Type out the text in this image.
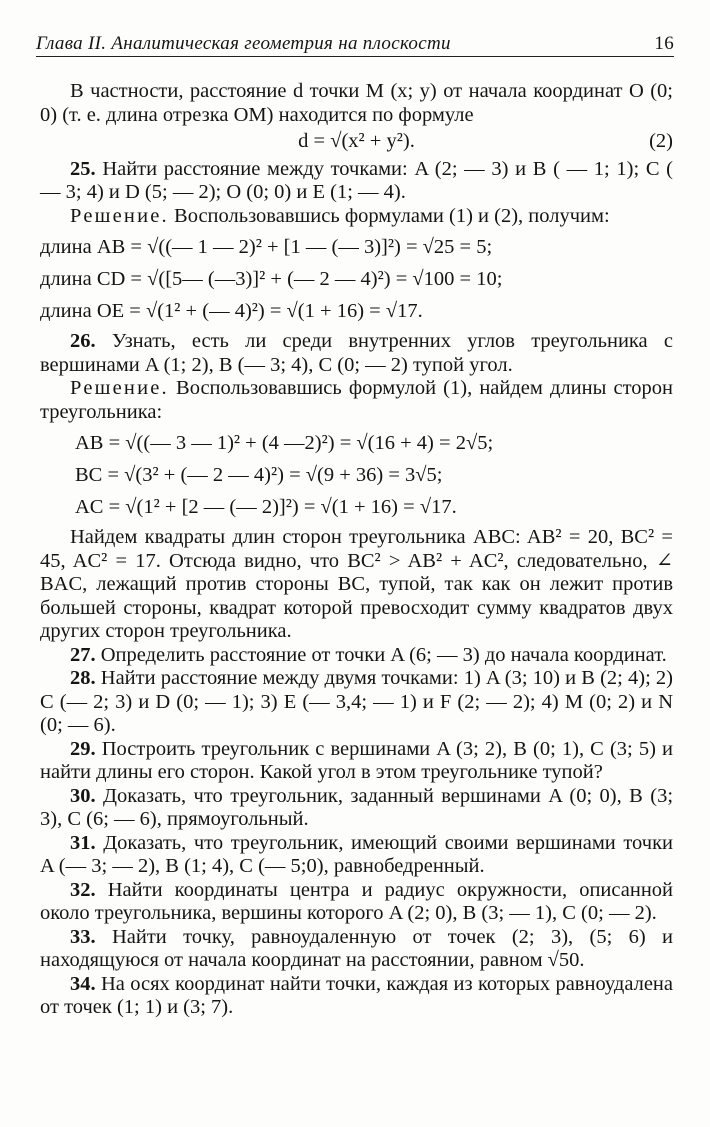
Глава II. Аналитическая геометрия на плоскости	16

В частности, расстояние d точки M (x; y) от начала координат O (0; 0) (т. е. длина отрезка OM) находится по формуле

d = √(x² + y²).	(2)

25. Найти расстояние между точками: A (2; — 3) и B ( — 1; 1); C ( — 3; 4) и D (5; — 2); O (0; 0) и E (1; — 4).

Решение. Воспользовавшись формулами (1) и (2), получим:

длина AB = √((— 1 — 2)² + [1 — (— 3)]²) = √25 = 5;

длина CD = √([5— (—3)]² + (— 2 — 4)²) = √100 = 10;

длина OE = √(1² + (— 4)²) = √(1 + 16) = √17.

26. Узнать, есть ли среди внутренних углов треугольника с вершинами A (1; 2), B (— 3; 4), C (0; — 2) тупой угол.

Решение. Воспользовавшись формулой (1), найдем длины сторон треугольника:

AB = √((— 3 — 1)² + (4 —2)²) = √(16 + 4) = 2√5;

BC = √(3² + (— 2 — 4)²) = √(9 + 36) = 3√5;

AC = √(1² + [2 — (— 2)]²) = √(1 + 16) = √17.

Найдем квадраты длин сторон треугольника ABC: AB² = 20, BC² = 45, AC² = 17. Отсюда видно, что BC² > AB² + AC², следовательно, ∠ BAC, лежащий против стороны BC, тупой, так как он лежит против большей стороны, квадрат которой превосходит сумму квадратов двух других сторон треугольника.

27. Определить расстояние от точки A (6; — 3) до начала координат.

28. Найти расстояние между двумя точками: 1) A (3; 10) и B (2; 4); 2) C (— 2; 3) и D (0; — 1); 3) E (— 3,4; — 1) и F (2; — 2); 4) M (0; 2) и N (0; — 6).

29. Построить треугольник с вершинами A (3; 2), B (0; 1), C (3; 5) и найти длины его сторон. Какой угол в этом треугольнике тупой?

30. Доказать, что треугольник, заданный вершинами A (0; 0), B (3; 3), C (6; — 6), прямоугольный.

31. Доказать, что треугольник, имеющий своими вершинами точки A (— 3; — 2), B (1; 4), C (— 5;0), равнобедренный.

32. Найти координаты центра и радиус окружности, описанной около треугольника, вершины которого A (2; 0), B (3; — 1), C (0; — 2).

33. Найти точку, равноудаленную от точек (2; 3), (5; 6) и находящуюся от начала координат на расстоянии, равном √50.

34. На осях координат найти точки, каждая из которых равноудалена от точек (1; 1) и (3; 7).
